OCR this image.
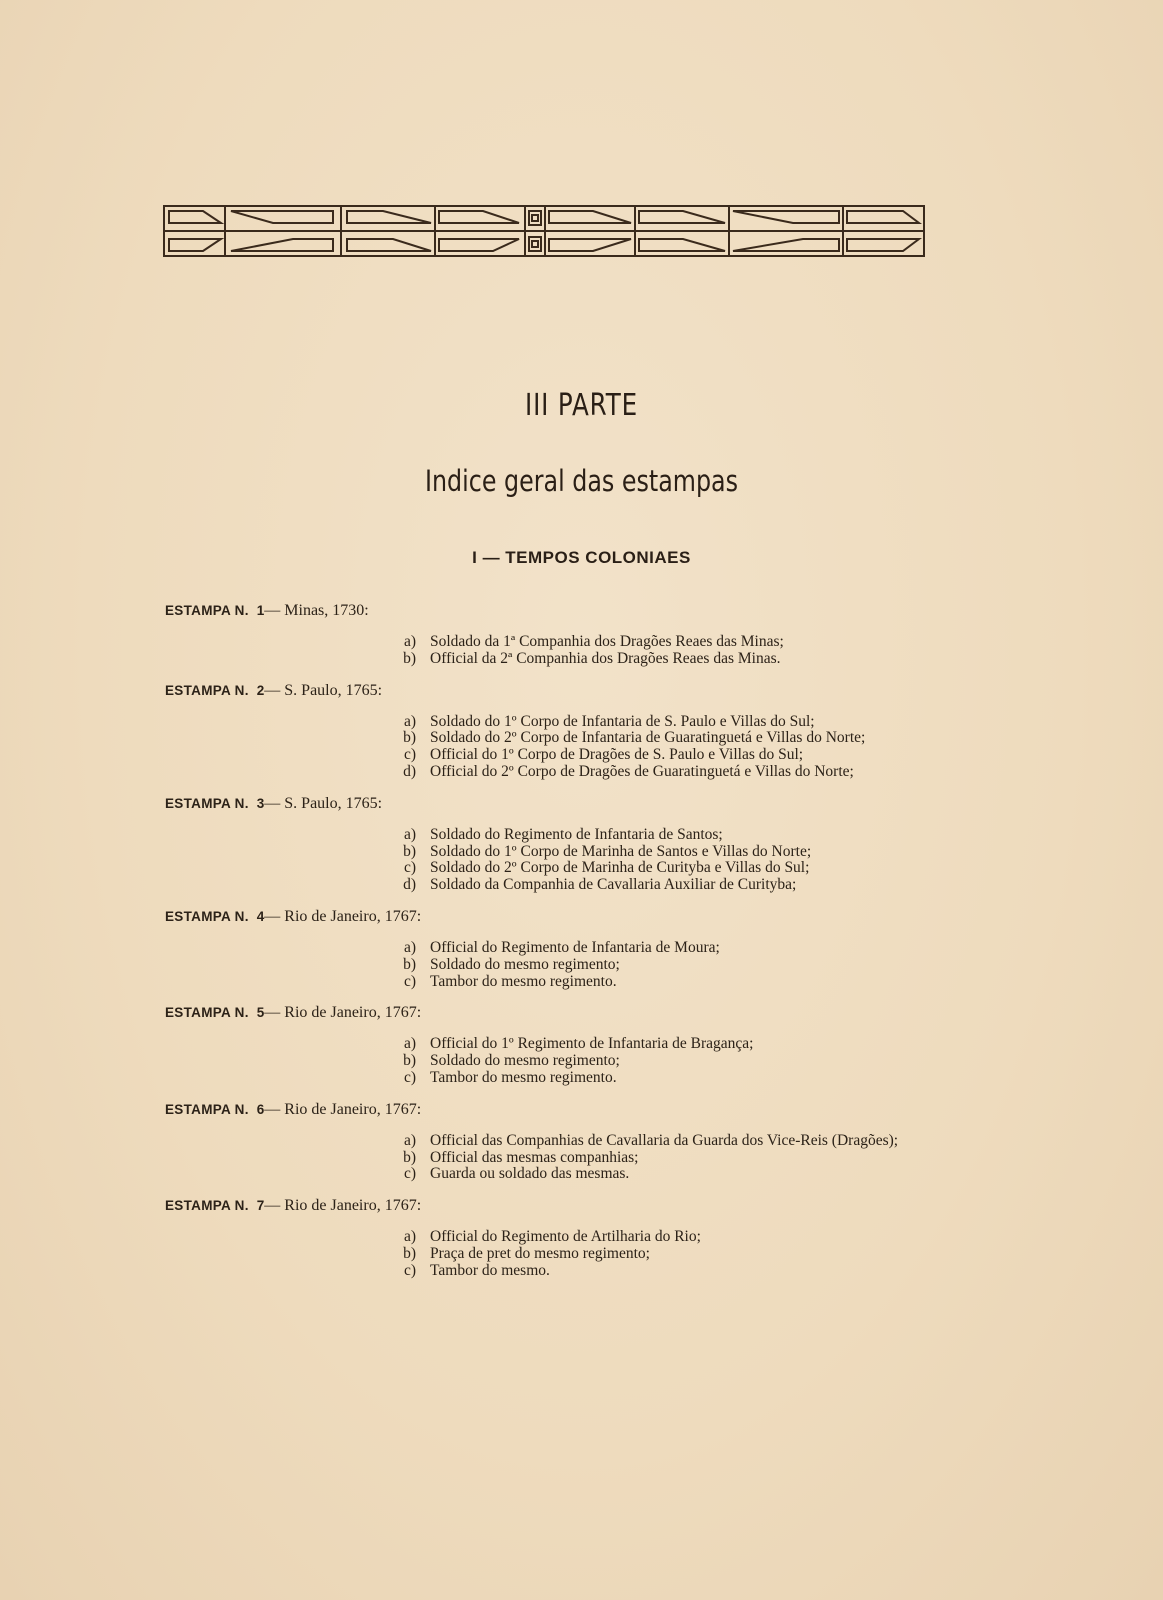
III PARTE
Indice geral das estampas
I — TEMPOS COLONIAES
ESTAMPA N. 1— Minas, 1730:
a) Soldado da 1ª Companhia dos Dragões Reaes das Minas;
b) Official da 2ª Companhia dos Dragões Reaes das Minas.
ESTAMPA N. 2— S. Paulo, 1765:
a) Soldado do 1º Corpo de Infantaria de S. Paulo e Villas do Sul;
b) Soldado do 2º Corpo de Infantaria de Guaratinguetá e Villas do Norte;
c) Official do 1º Corpo de Dragões de S. Paulo e Villas do Sul;
d) Official do 2º Corpo de Dragões de Guaratinguetá e Villas do Norte;
ESTAMPA N. 3— S. Paulo, 1765:
a) Soldado do Regimento de Infantaria de Santos;
b) Soldado do 1º Corpo de Marinha de Santos e Villas do Norte;
c) Soldado do 2º Corpo de Marinha de Curityba e Villas do Sul;
d) Soldado da Companhia de Cavallaria Auxiliar de Curityba;
ESTAMPA N. 4— Rio de Janeiro, 1767:
a) Official do Regimento de Infantaria de Moura;
b) Soldado do mesmo regimento;
c) Tambor do mesmo regimento.
ESTAMPA N. 5— Rio de Janeiro, 1767:
a) Official do 1º Regimento de Infantaria de Bragança;
b) Soldado do mesmo regimento;
c) Tambor do mesmo regimento.
ESTAMPA N. 6— Rio de Janeiro, 1767:
a) Official das Companhias de Cavallaria da Guarda dos Vice-Reis (Dragões);
b) Official das mesmas companhias;
c) Guarda ou soldado das mesmas.
ESTAMPA N. 7— Rio de Janeiro, 1767:
a) Official do Regimento de Artilharia do Rio;
b) Praça de pret do mesmo regimento;
c) Tambor do mesmo.
